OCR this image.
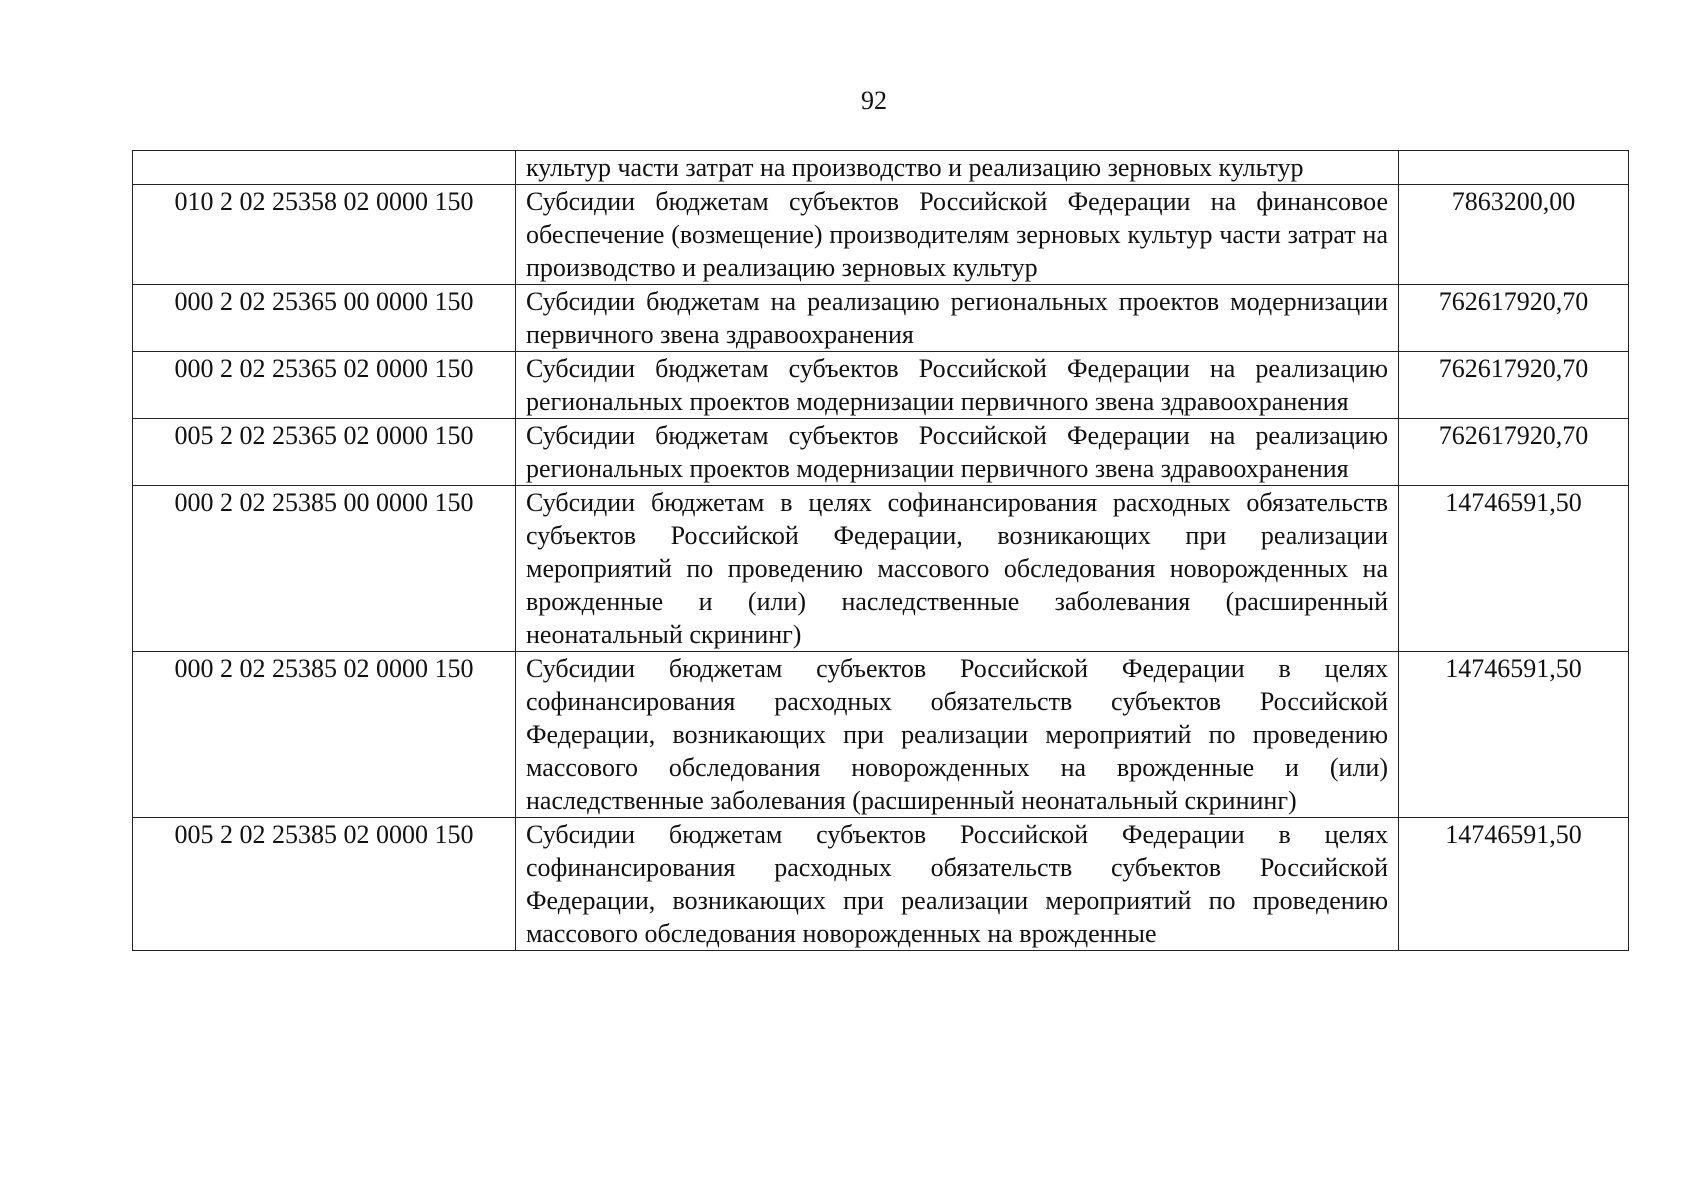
92
	культур части затрат на производство и реализацию зерновых культур	
010 2 02 25358 02 0000 150	Субсидии бюджетам субъектов Российской Федерации на финансовое обеспечение (возмещение) производителям зерновых культур части затрат на производство и реализацию зерновых культур	7863200,00
000 2 02 25365 00 0000 150	Субсидии бюджетам на реализацию региональных проектов модернизации первичного звена здравоохранения	762617920,70
000 2 02 25365 02 0000 150	Субсидии бюджетам субъектов Российской Федерации на реализацию региональных проектов модернизации первичного звена здравоохранения	762617920,70
005 2 02 25365 02 0000 150	Субсидии бюджетам субъектов Российской Федерации на реализацию региональных проектов модернизации первичного звена здравоохранения	762617920,70
000 2 02 25385 00 0000 150	Субсидии бюджетам в целях софинансирования расходных обязательств субъектов Российской Федерации, возникающих при реализации мероприятий по проведению массового обследования новорожденных на врожденные и (или) наследственные заболевания (расширенный неонатальный скрининг)	14746591,50
000 2 02 25385 02 0000 150	Субсидии бюджетам субъектов Российской Федерации в целях софинансирования расходных обязательств субъектов Российской Федерации, возникающих при реализации мероприятий по проведению массового обследования новорожденных на врожденные и (или) наследственные заболевания (расширенный неонатальный скрининг)	14746591,50
005 2 02 25385 02 0000 150	Субсидии бюджетам субъектов Российской Федерации в целях софинансирования расходных обязательств субъектов Российской Федерации, возникающих при реализации мероприятий по проведению массового обследования новорожденных на врожденные	14746591,50
